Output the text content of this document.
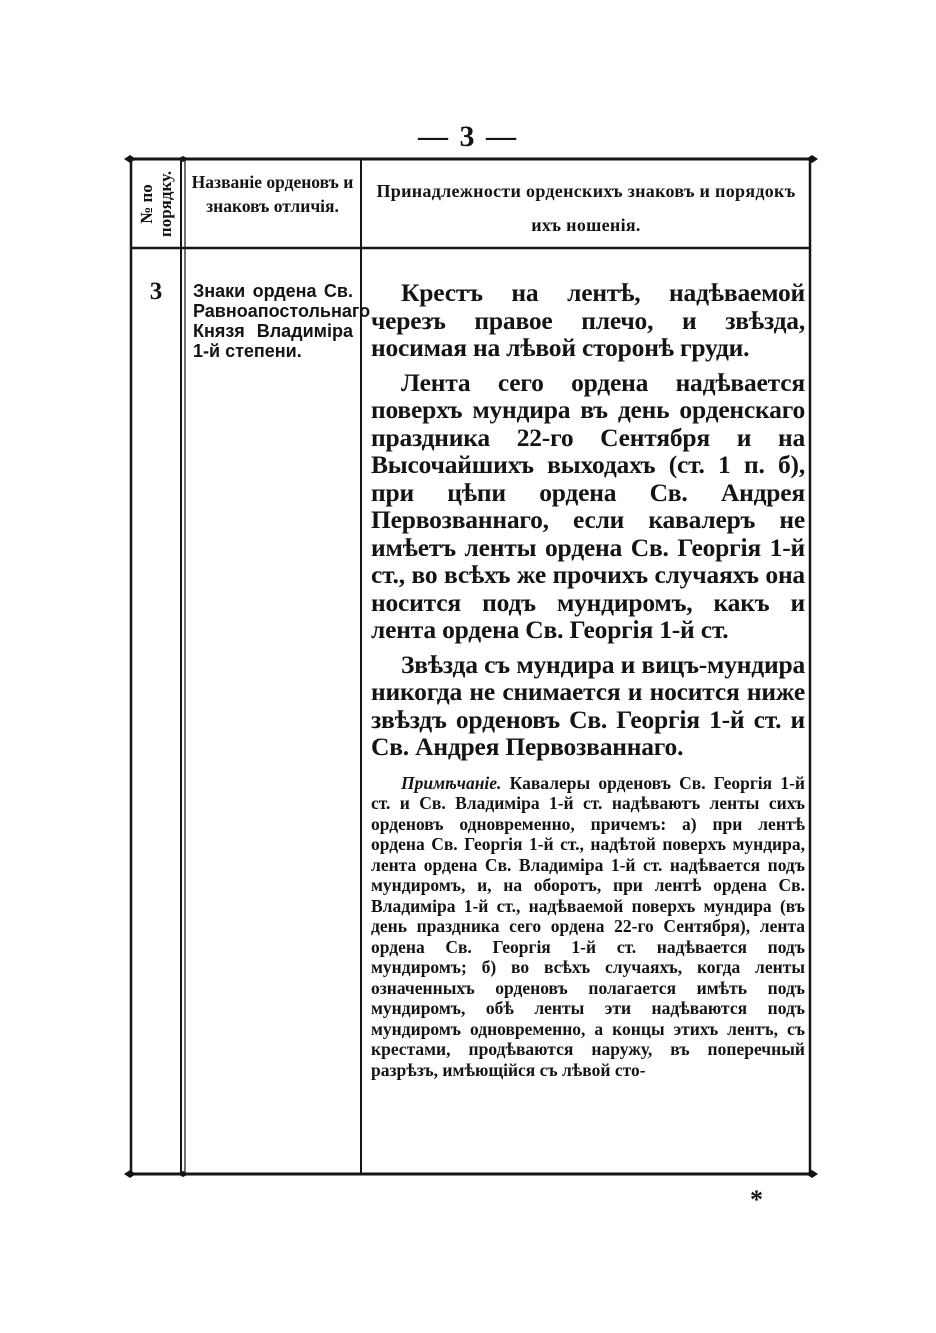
— 3 —
№ по порядку. Названіе орденовъ и знаковъ отличія.
Принадлежности орденскихъ знаковъ и порядокъ ихъ ношенія.
3	Знаки ордена Св. Равноапостольнаго Князя Владиміра 1-й степени.

Крестъ на лентѣ, надѣваемой черезъ правое плечо, и звѣзда, носимая на лѣвой сторонѣ груди.

Лента сего ордена надѣвается поверхъ мундира въ день орденскаго праздника 22-го Сентября и на Высочайшихъ выходахъ (ст. 1 п. б), при цѣпи ордена Св. Андрея Первозваннаго, если кавалеръ не имѣетъ ленты ордена Св. Георгія 1-й ст., во всѣхъ же прочихъ случаяхъ она носится подъ мундиромъ, какъ и лента ордена Св. Георгія 1-й ст.

Звѣзда съ мундира и вицъ-мундира никогда не снимается и носится ниже звѣздъ орденовъ Св. Георгія 1-й ст. и Св. Андрея Первозваннаго.

Примѣчаніе. Кавалеры орденовъ Св. Георгія 1-й ст. и Св. Владиміра 1-й ст. надѣваютъ ленты сихъ орденовъ одновременно, причемъ: а) при лентѣ ордена Св. Георгія 1-й ст., надѣтой поверхъ мундира, лента ордена Св. Владиміра 1-й ст. надѣвается подъ мундиромъ, и, на оборотъ, при лентѣ ордена Св. Владиміра 1-й ст., надѣваемой поверхъ мундира (въ день праздника сего ордена 22-го Сентября), лента ордена Св. Георгія 1-й ст. надѣвается подъ мундиромъ; б) во всѣхъ случаяхъ, когда ленты означенныхъ орденовъ полагается имѣть подъ мундиромъ, обѣ ленты эти надѣваются подъ мундиромъ одновременно, а концы этихъ лентъ, съ крестами, продѣваются наружу, въ поперечный разрѣзъ, имѣющійся съ лѣвой сто-

*
